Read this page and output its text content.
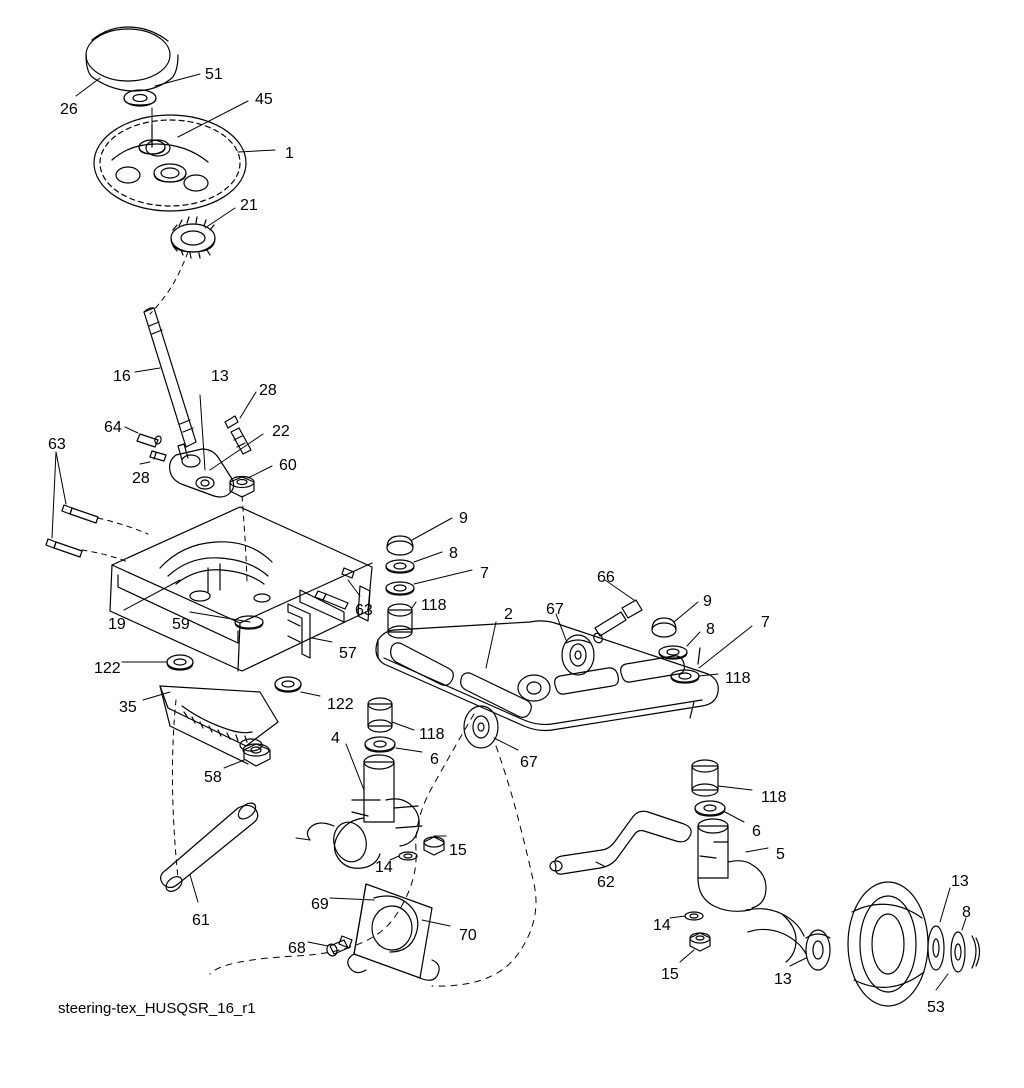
26
51
45
1
21
16	13
28
64	22
63
28
60
9
8
7	66
118
2 67	9
7
8
19	59
63
57
118
122
35	122
67
118
4
6
58
118
6
15
14
5
62
61
69
13
70
14
8
68
15	13
53
steering-tex_HUSQSR_16_r1
